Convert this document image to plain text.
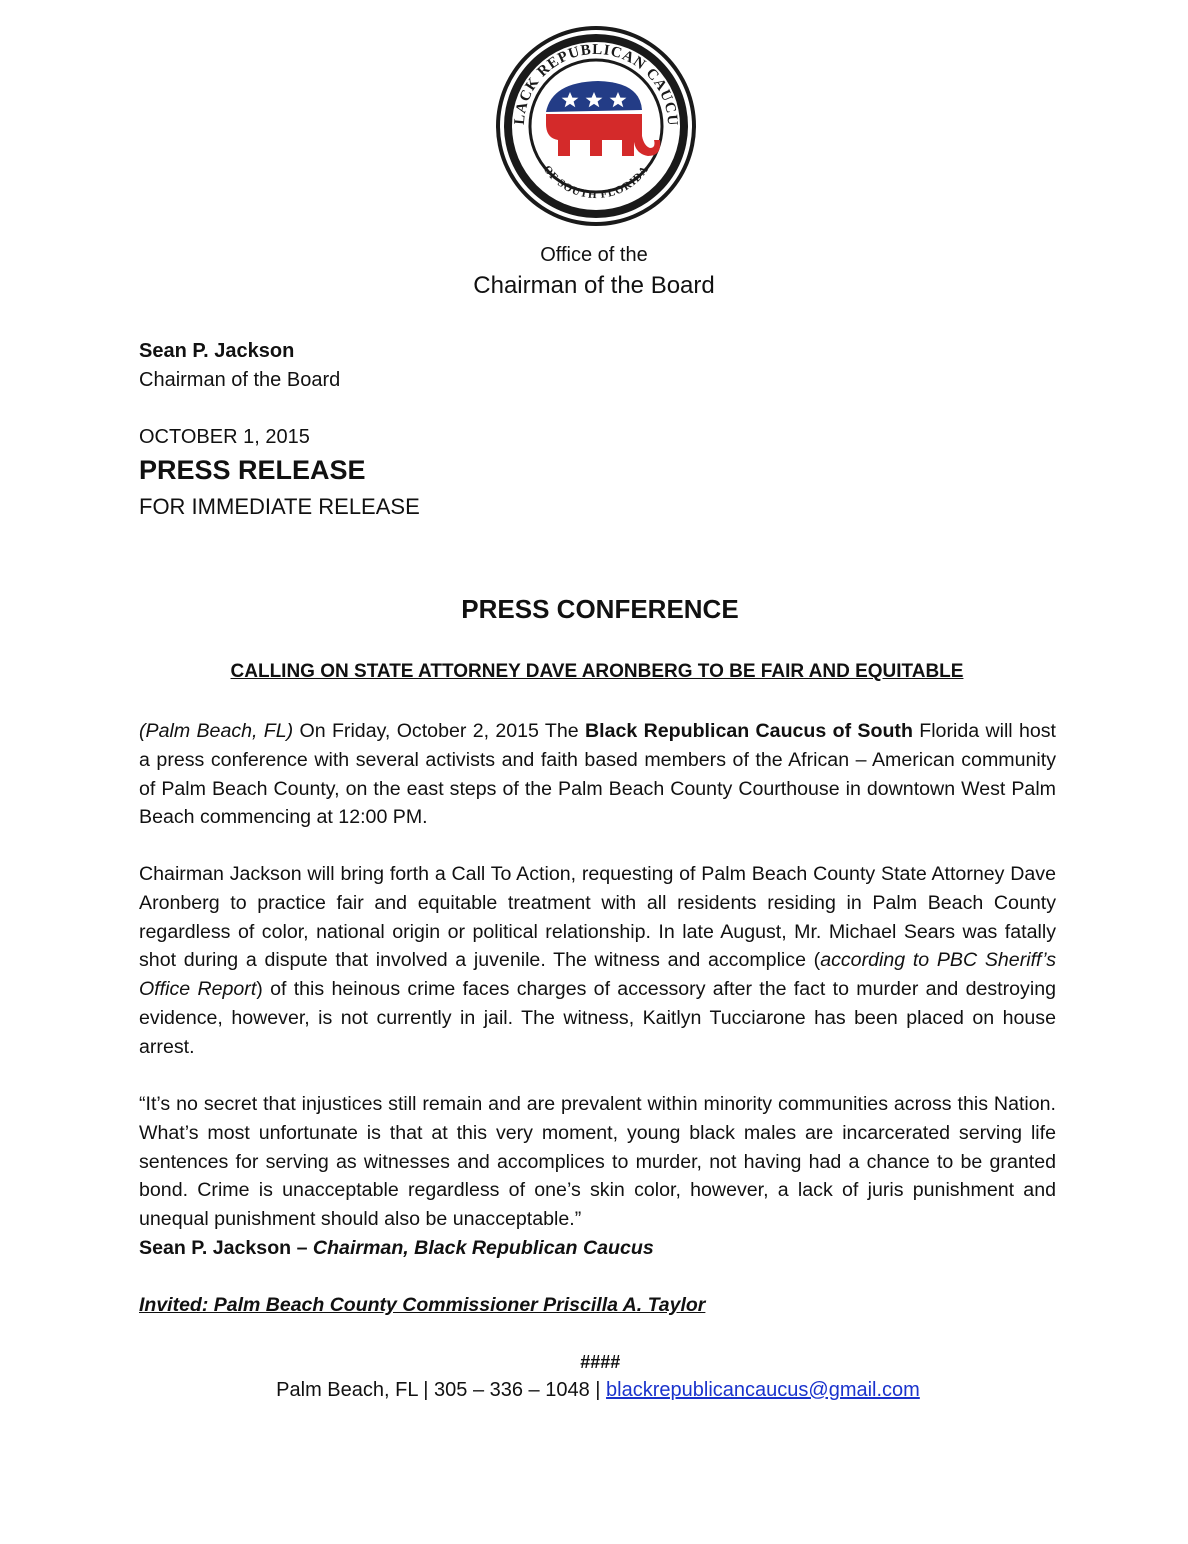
LACK REPUBLICAN CAUCU
OF SOUTH FLORIDA
Office of the
Chairman of the Board
Sean P. Jackson
Chairman of the Board
OCTOBER 1, 2015
PRESS RELEASE
FOR IMMEDIATE RELEASE
PRESS CONFERENCE
CALLING ON STATE ATTORNEY DAVE ARONBERG TO BE FAIR AND EQUITABLE

(Palm Beach, FL) On Friday, October 2, 2015 The Black Republican Caucus of South Florida will host a press conference with several activists and faith based members of the African – American community of Palm Beach County, on the east steps of the Palm Beach County Courthouse in downtown West Palm Beach commencing at 12:00 PM.

Chairman Jackson will bring forth a Call To Action, requesting of Palm Beach County State Attorney Dave Aronberg to practice fair and equitable treatment with all residents residing in Palm Beach County regardless of color, national origin or political relationship. In late August, Mr. Michael Sears was fatally shot during a dispute that involved a juvenile. The witness and accomplice (according to PBC Sheriff’s Office Report) of this heinous crime faces charges of accessory after the fact to murder and destroying evidence, however, is not currently in jail. The witness, Kaitlyn Tucciarone has been placed on house arrest.

“It’s no secret that injustices still remain and are prevalent within minority communities across this Nation. What’s most unfortunate is that at this very moment, young black males are incarcerated serving life sentences for serving as witnesses and accomplices to murder, not having had a chance to be granted bond. Crime is unacceptable regardless of one’s skin color, however, a lack of juris punishment and unequal punishment should also be unacceptable.”
Sean P. Jackson – Chairman, Black Republican Caucus

Invited: Palm Beach County Commissioner Priscilla A. Taylor
####
Palm Beach, FL | 305 – 336 – 1048 | blackrepublicancaucus@gmail.com
